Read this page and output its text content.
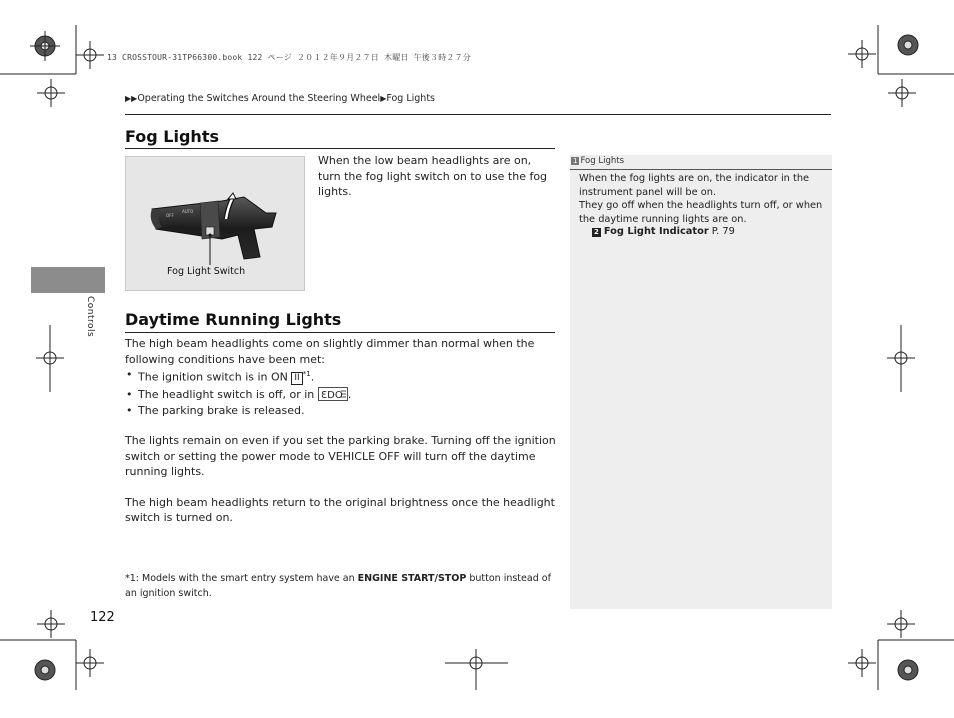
13 CROSSTOUR-31TP66300.book 122 ページ ２０１２年９月２７日 木曜日 午後３時２７分
▶▶Operating the Switches Around the Steering Wheel▶Fog Lights
Controls
Fog Lights
AUTO
OFF
Fog Light Switch
When the low beam headlights are on, turn the fog light switch on to use the fog lights.
Daytime Running Lights
The high beam headlights come on slightly dimmer than normal when the following conditions have been met:
• The ignition switch is in ON II $^{*1}$.
• The headlight switch is off, or in ƐDO .
• The parking brake is released.
The lights remain on even if you set the parking brake. Turning off the ignition switch or setting the power mode to VEHICLE OFF will turn off the daytime running lights.
The high beam headlights return to the original brightness once the headlight switch is turned on.
*1: Models with the smart entry system have an ENGINE START/STOP button instead of an ignition switch.
1 Fog Lights
When the fog lights are on, the indicator in the instrument panel will be on.
They go off when the headlights turn off, or when the daytime running lights are on.
2 Fog Light Indicator P. 79
122
